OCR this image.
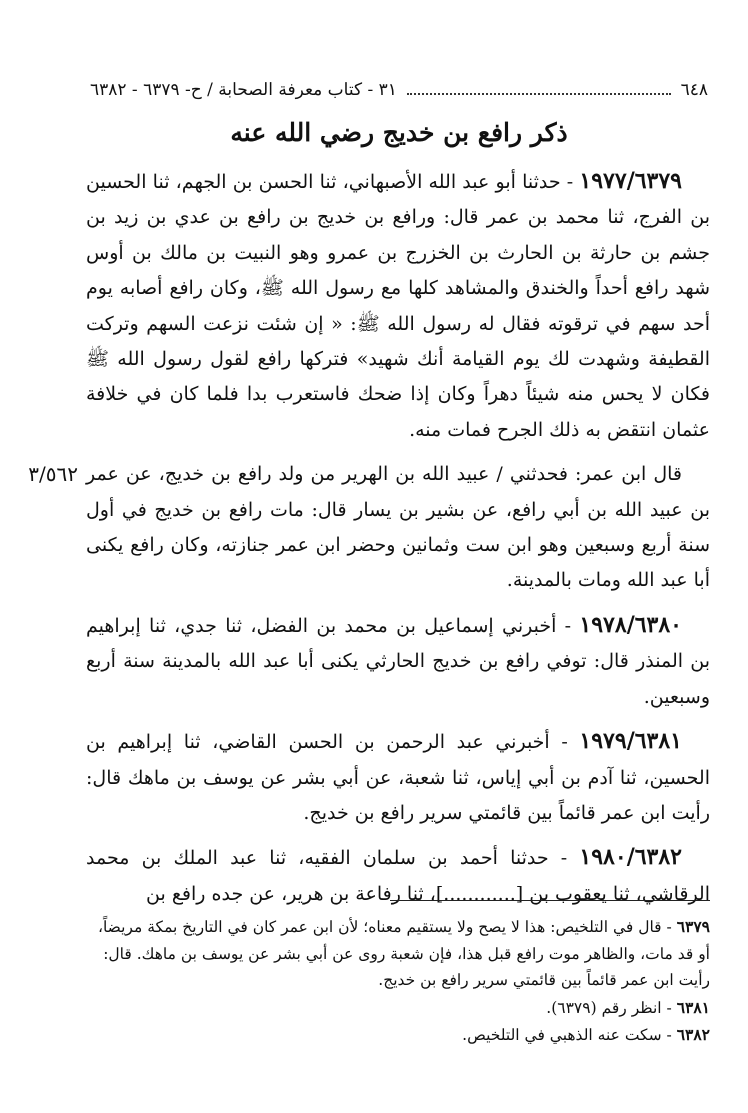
٦٤٨
٣١ - كتاب معرفة الصحابة / ح- ٦٣٧٩ - ٦٣٨٢
ذكر رافع بن خديج رضي الله عنه
٣/٥٦٢

١٩٧٧/٦٣٧٩ - حدثنا أبو عبد الله الأصبهاني، ثنا الحسن بن الجهم، ثنا الحسين بن الفرج، ثنا محمد بن عمر قال: ورافع بن خديج بن رافع بن عدي بن زيد بن جشم بن حارثة بن الحارث بن الخزرج بن عمرو وهو النبيت بن مالك بن أوس شهد رافع أحداً والخندق والمشاهد كلها مع رسول الله ﷺ، وكان رافع أصابه يوم أحد سهم في ترقوته فقال له رسول الله ﷺ: « إن شئت نزعت السهم وتركت القطيفة وشهدت لك يوم القيامة أنك شهيد» فتركها رافع لقول رسول الله ﷺ فكان لا يحس منه شيئاً دهراً وكان إذا ضحك فاستعرب بدا فلما كان في خلافة عثمان انتقض به ذلك الجرح فمات منه.

قال ابن عمر: فحدثني / عبيد الله بن الهرير من ولد رافع بن خديج، عن عمر بن عبيد الله بن أبي رافع، عن بشير بن يسار قال: مات رافع بن خديج في أول سنة أربع وسبعين وهو ابن ست وثمانين وحضر ابن عمر جنازته، وكان رافع يكنى أبا عبد الله ومات بالمدينة.

١٩٧٨/٦٣٨٠ - أخبرني إسماعيل بن محمد بن الفضل، ثنا جدي، ثنا إبراهيم بن المنذر قال: توفي رافع بن خديج الحارثي يكنى أبا عبد الله بالمدينة سنة أربع وسبعين.

١٩٧٩/٦٣٨١ - أخبرني عبد الرحمن بن الحسن القاضي، ثنا إبراهيم بن الحسين، ثنا آدم بن أبي إياس، ثنا شعبة، عن أبي بشر عن يوسف بن ماهك قال: رأيت ابن عمر قائماً بين قائمتي سرير رافع بن خديج.

١٩٨٠/٦٣٨٢ - حدثنا أحمد بن سلمان الفقيه، ثنا عبد الملك بن محمد الرقاشي، ثنا يعقوب بن [............]، ثنا رفاعة بن هرير، عن جده رافع بن

٦٣٧٩ - قال في التلخيص: هذا لا يصح ولا يستقيم معناه؛ لأن ابن عمر كان في التاريخ بمكة مريضاً، أو قد مات، والظاهر موت رافع قبل هذا، فإن شعبة روى عن أبي بشر عن يوسف بن ماهك. قال: رأيت ابن عمر قائماً بين قائمتي سرير رافع بن خديج.

٦٣٨١ - انظر رقم (٦٣٧٩).

٦٣٨٢ - سكت عنه الذهبي في التلخيص.
